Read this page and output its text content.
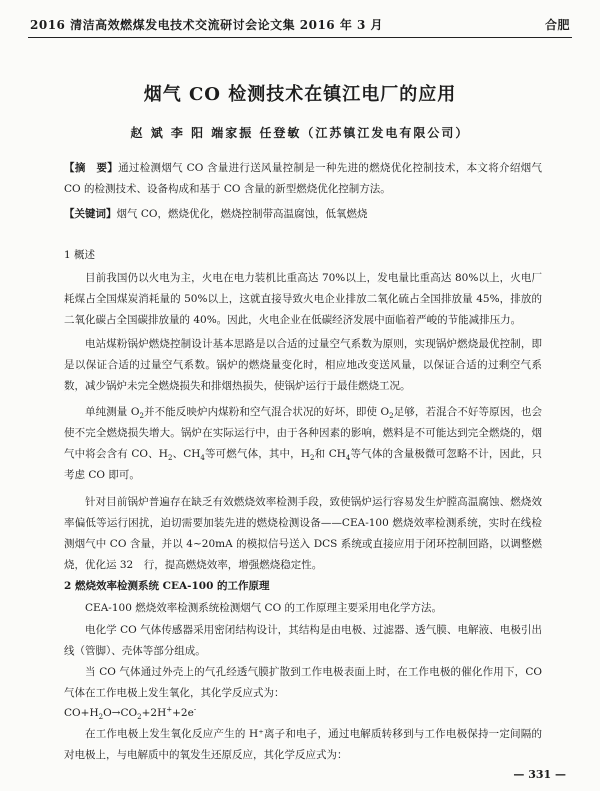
2016 清洁高效燃煤发电技术交流研讨会论文集 2016 年 3 月	合肥
烟气 CO 检测技术在镇江电厂的应用
赵 斌 李 阳 端家振 任登敏（江苏镇江发电有限公司）
【摘　要】通过检测烟气 CO 含量进行送风量控制是一种先进的燃烧优化控制技术，本文将介绍烟气 CO 的检测技术、设备构成和基于 CO 含量的新型燃烧优化控制方法。
【关键词】烟气 CO，燃烧优化，燃烧控制带高温腐蚀，低氧燃烧
1 概述
目前我国仍以火电为主，火电在电力装机比重高达 70%以上，发电量比重高达 80%以上，火电厂耗煤占全国煤炭消耗量的 50%以上，这就直接导致火电企业排放二氧化硫占全国排放量 45%，排放的二氧化碳占全国碳排放量的 40%。因此，火电企业在低碳经济发展中面临着严峻的节能减排压力。
电站煤粉锅炉燃烧控制设计基本思路是以合适的过量空气系数为原则，实现锅炉燃烧最优控制，即是以保证合适的过量空气系数。锅炉的燃烧量变化时，相应地改变送风量，以保证合适的过剩空气系数，减少锅炉未完全燃烧损失和排烟热损失，使锅炉运行于最佳燃烧工况。
单纯测量 $O_2$并不能反映炉内煤粉和空气混合状况的好坏，即使 $O_2$足够，若混合不好等原因，也会使不完全燃烧损失增大。锅炉在实际运行中，由于各种因素的影响，燃料是不可能达到完全燃烧的，烟气中将会含有 CO、$H_2$、$CH_4$等可燃气体，其中，$H_2$和 $CH_4$等气体的含量极微可忽略不计，因此，只考虑 CO 即可。
针对目前锅炉普遍存在缺乏有效燃烧效率检测手段，致使锅炉运行容易发生炉膛高温腐蚀、燃烧效率偏低等运行困扰，迫切需要加装先进的燃烧检测设备——CEA-100 燃烧效率检测系统，实时在线检测烟气中 CO 含量，并以 4~20mA 的模拟信号送入 DCS 系统或直接应用于闭环控制回路，以调整燃烧，优化运 32　行，提高燃烧效率，增强燃烧稳定性。
2 燃烧效率检测系统 CEA-100 的工作原理
CEA-100 燃烧效率检测系统检测烟气 CO 的工作原理主要采用电化学方法。
电化学 CO 气体传感器采用密闭结构设计，其结构是由电极、过滤器、透气膜、电解液、电极引出线（管脚）、壳体等部分组成。
当 CO 气体通过外壳上的气孔经透气膜扩散到工作电极表面上时，在工作电极的催化作用下，CO 气体在工作电极上发生氧化，其化学反应式为：
$CO+H_2O\to CO_2+2H^++2e^-$
在工作电极上发生氧化反应产生的 H⁺离子和电子，通过电解质转移到与工作电极保持一定间隔的对电极上，与电解质中的氧发生还原反应，其化学反应式为：
— 331 —
